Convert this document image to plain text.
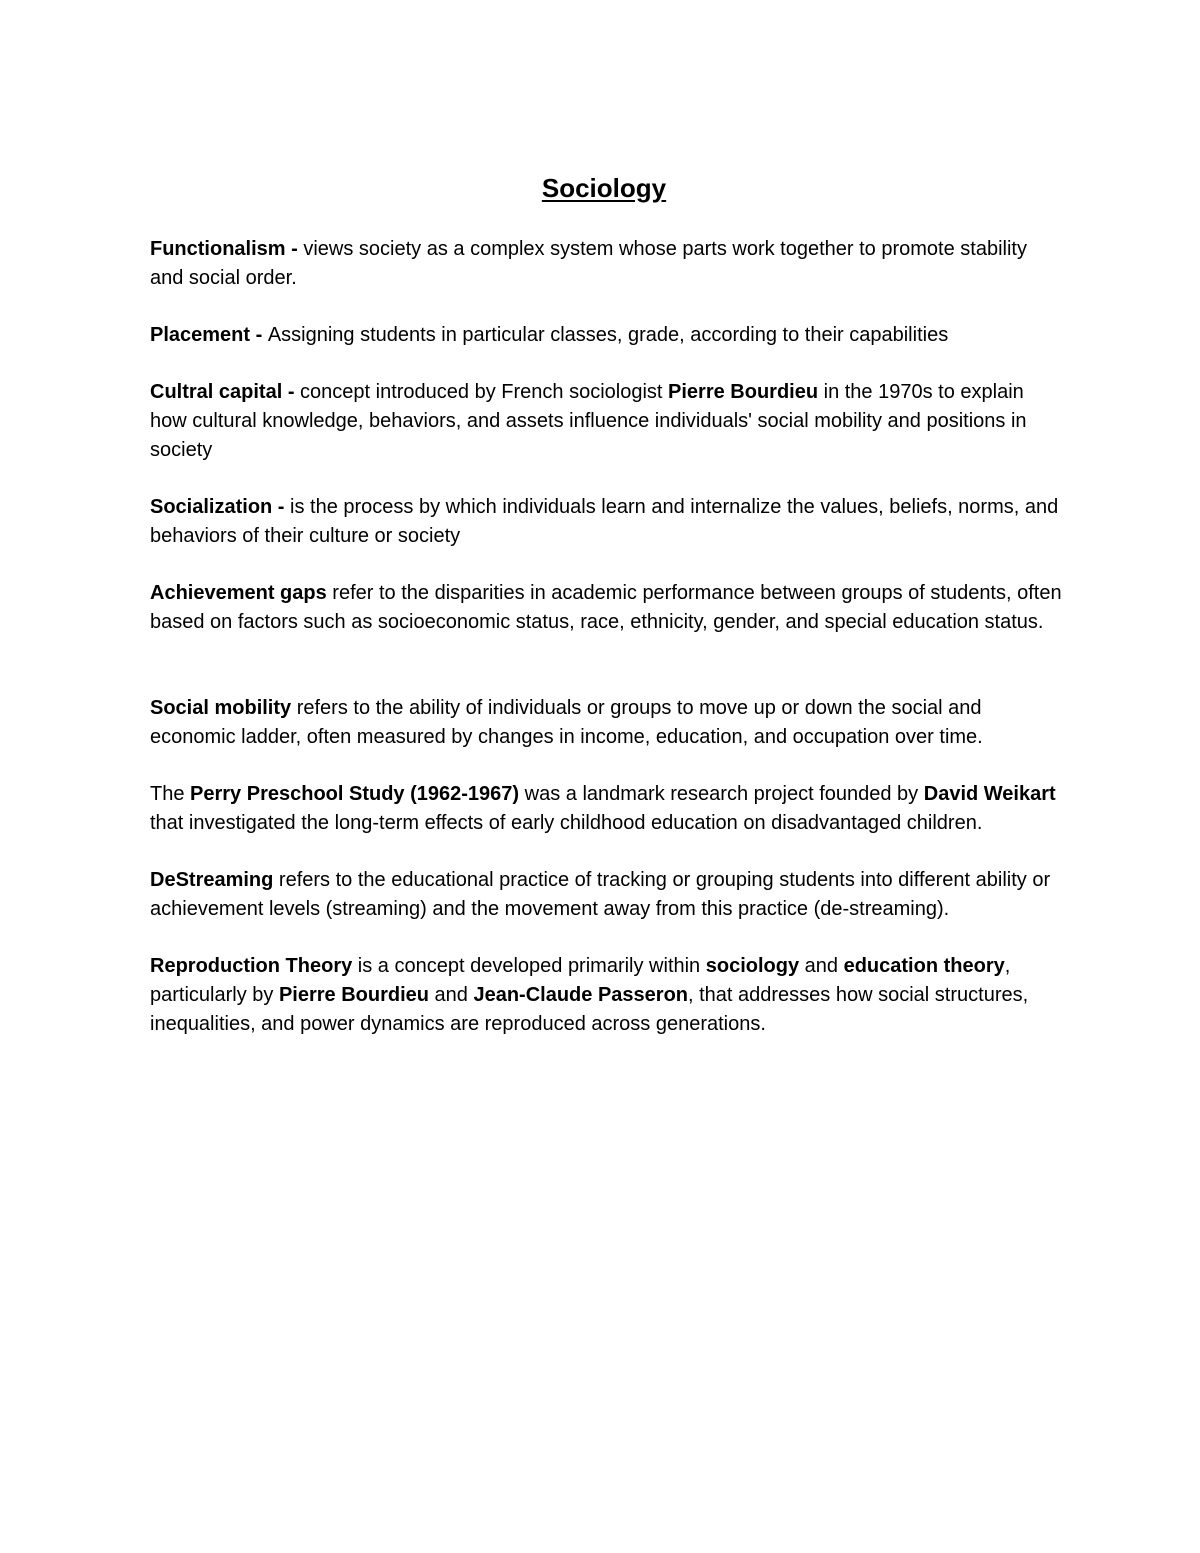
Sociology

Functionalism - views society as a complex system whose parts work together to promote stability and social order.

Placement - Assigning students in particular classes, grade, according to their capabilities

Cultral capital - concept introduced by French sociologist Pierre Bourdieu in the 1970s to explain how cultural knowledge, behaviors, and assets influence individuals' social mobility and positions in society

Socialization - is the process by which individuals learn and internalize the values, beliefs, norms, and behaviors of their culture or society

Achievement gaps refer to the disparities in academic performance between groups of students, often based on factors such as socioeconomic status, race, ethnicity, gender, and special education status.

Social mobility refers to the ability of individuals or groups to move up or down the social and economic ladder, often measured by changes in income, education, and occupation over time.

The Perry Preschool Study (1962-1967) was a landmark research project founded by David Weikart that investigated the long-term effects of early childhood education on disadvantaged children.

DeStreaming refers to the educational practice of tracking or grouping students into different ability or achievement levels (streaming) and the movement away from this practice (de-streaming).

Reproduction Theory is a concept developed primarily within sociology and education theory, particularly by Pierre Bourdieu and Jean-Claude Passeron, that addresses how social structures, inequalities, and power dynamics are reproduced across generations.
